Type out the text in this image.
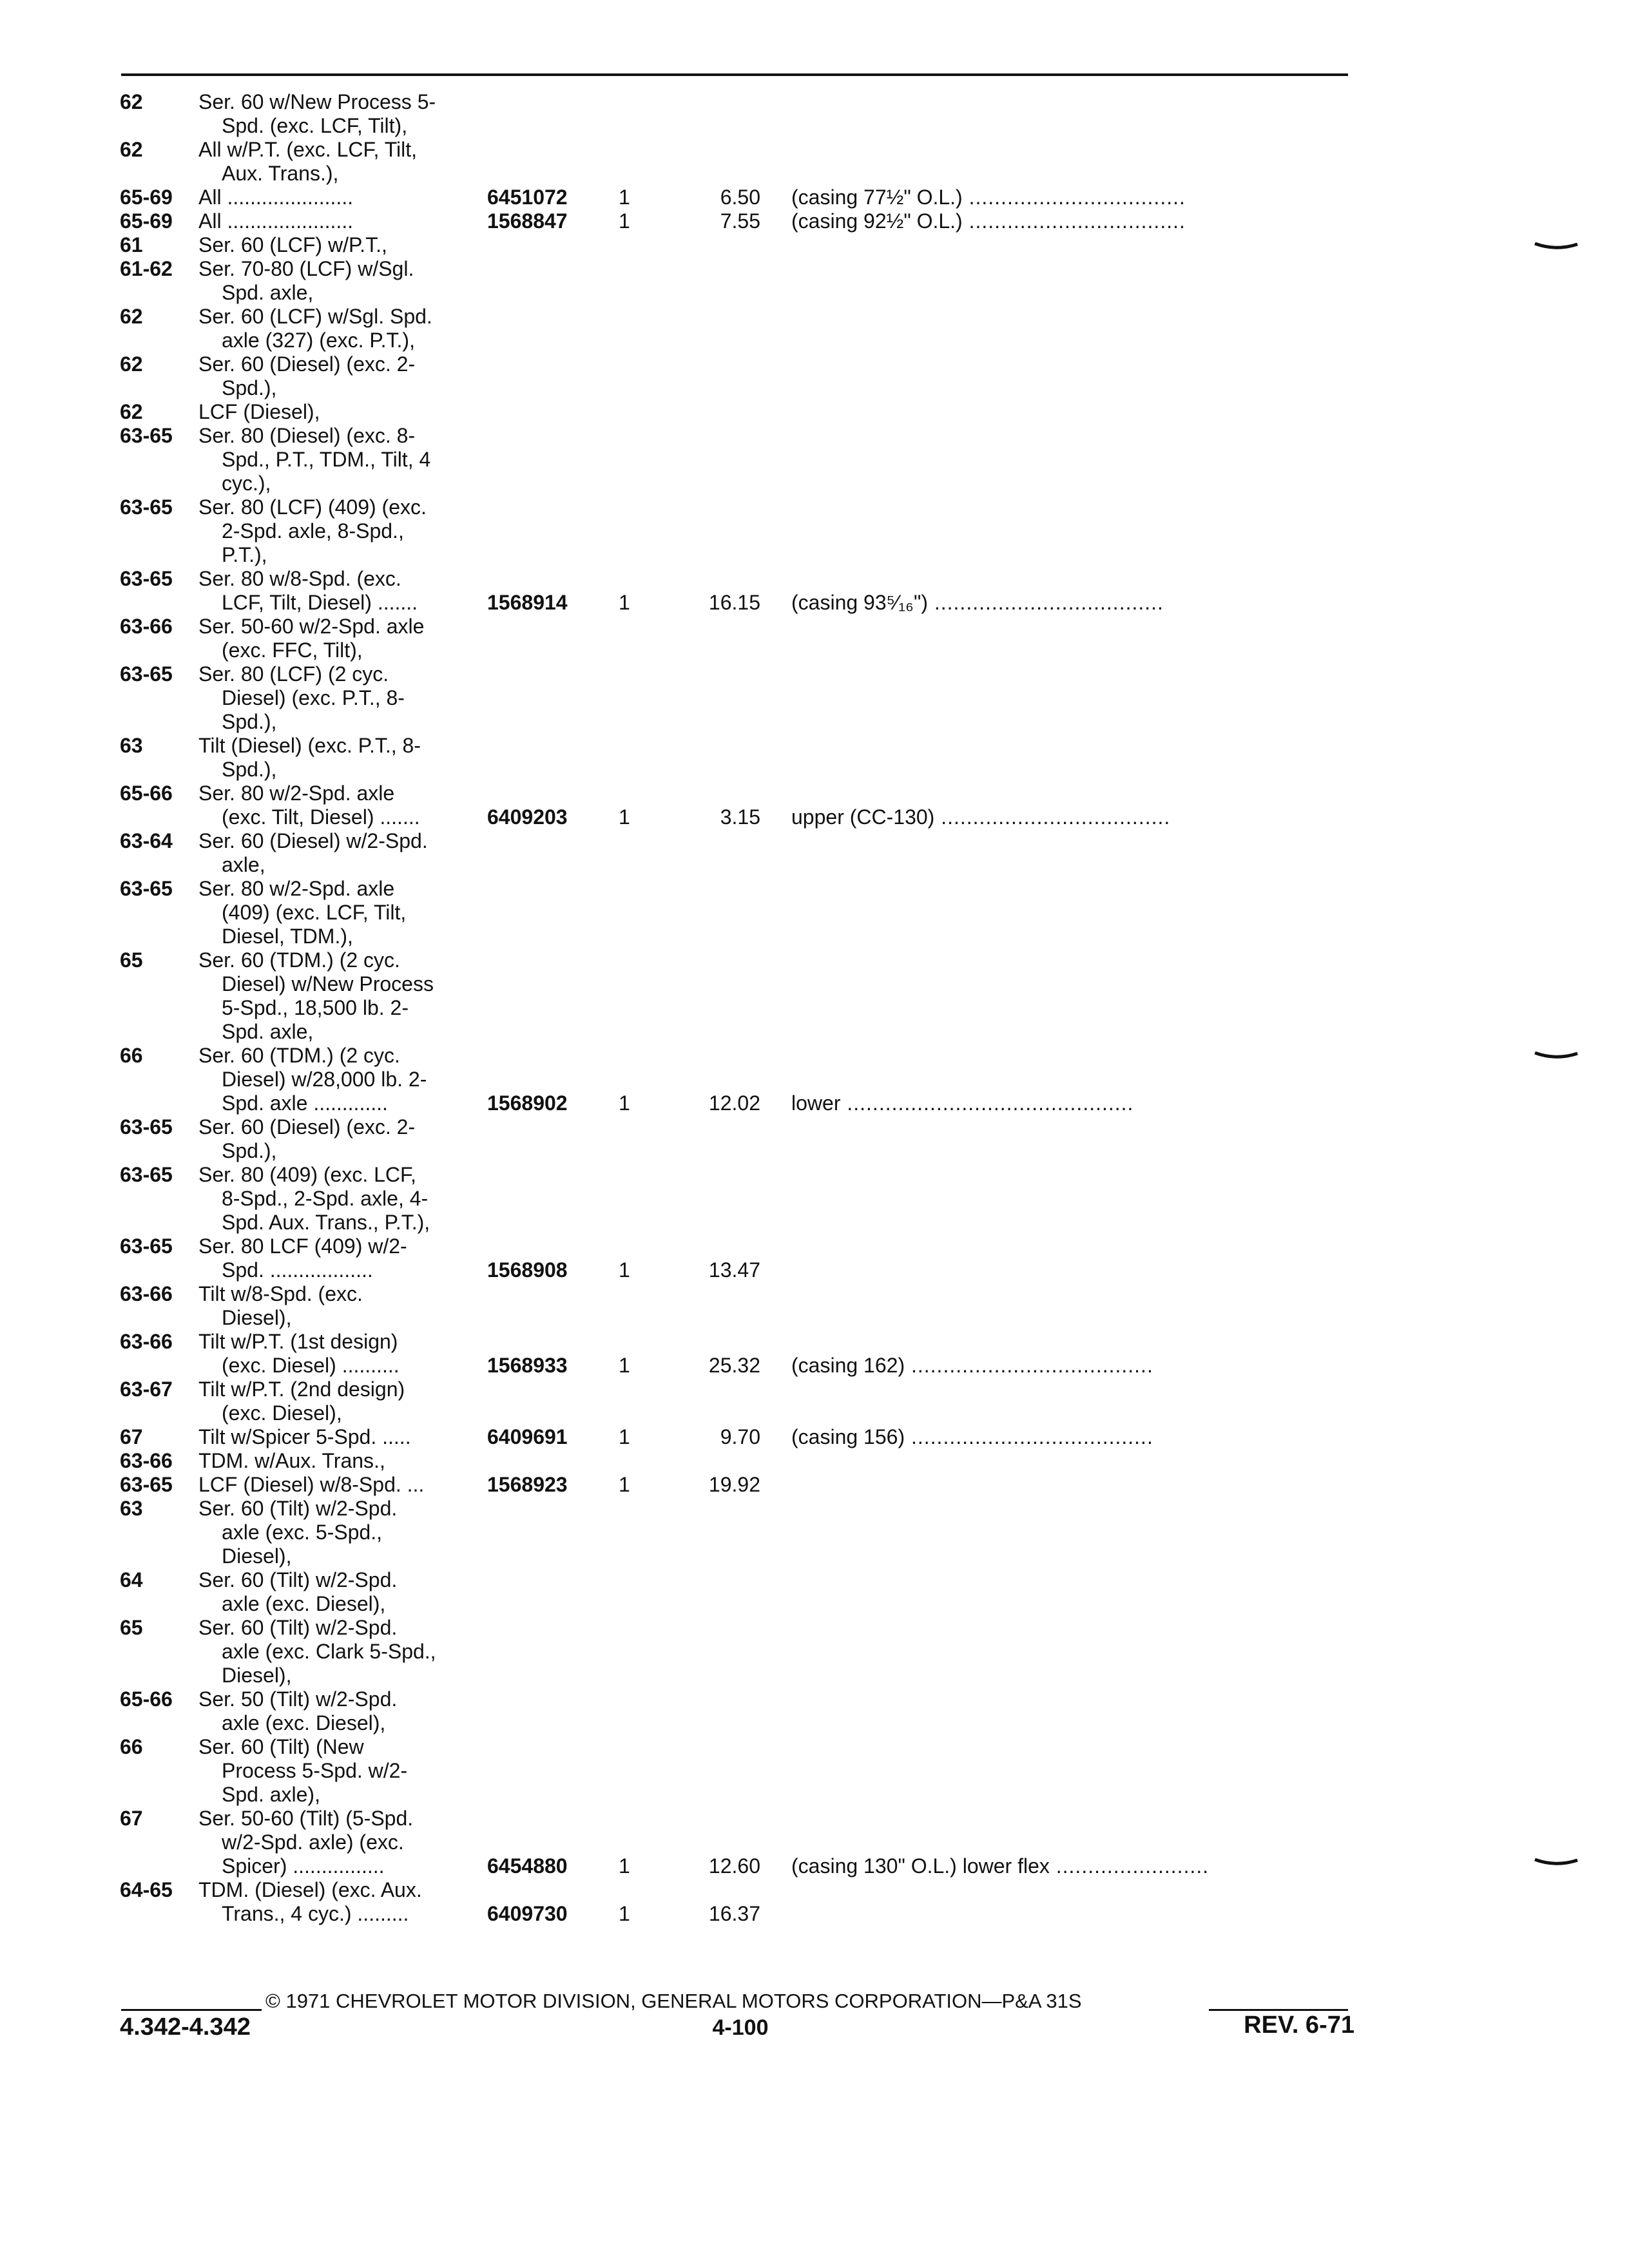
62	Ser. 60 w/New Process 5-
Spd. (exc. LCF, Tilt),
62	All w/P.T. (exc. LCF, Tilt,
Aux. Trans.),
65-69 All ......................	6451072 1	6.50 (casing 77½" O.L.) ..................................
65-69 All ......................	1568847 1	7.55 (casing 92½" O.L.) ..................................
61	Ser. 60 (LCF) w/P.T.,
61-62 Ser. 70-80 (LCF) w/Sgl.
Spd. axle,
62	Ser. 60 (LCF) w/Sgl. Spd.
axle (327) (exc. P.T.),
62	Ser. 60 (Diesel) (exc. 2-
Spd.),
62	LCF (Diesel),
63-65 Ser. 80 (Diesel) (exc. 8-
Spd., P.T., TDM., Tilt, 4
cyc.),
63-65 Ser. 80 (LCF) (409) (exc.
2-Spd. axle, 8-Spd.,
P.T.),
63-65 Ser. 80 w/8-Spd. (exc.
LCF, Tilt, Diesel) .......	1568914 1	16.15 (casing 93⁵⁄₁₆") ....................................
63-66 Ser. 50-60 w/2-Spd. axle
(exc. FFC, Tilt),
63-65 Ser. 80 (LCF) (2 cyc.
Diesel) (exc. P.T., 8-
Spd.),
63	Tilt (Diesel) (exc. P.T., 8-
Spd.),
65-66 Ser. 80 w/2-Spd. axle
(exc. Tilt, Diesel) .......	6409203 1	3.15 upper (CC-130) ....................................
63-64 Ser. 60 (Diesel) w/2-Spd.
axle,
63-65 Ser. 80 w/2-Spd. axle
(409) (exc. LCF, Tilt,
Diesel, TDM.),
65	Ser. 60 (TDM.) (2 cyc.
Diesel) w/New Process
5-Spd., 18,500 lb. 2-
Spd. axle,
66	Ser. 60 (TDM.) (2 cyc.
Diesel) w/28,000 lb. 2-
Spd. axle .............	1568902 1	12.02 lower .............................................
63-65 Ser. 60 (Diesel) (exc. 2-
Spd.),
63-65 Ser. 80 (409) (exc. LCF,
8-Spd., 2-Spd. axle, 4-
Spd. Aux. Trans., P.T.),
63-65 Ser. 80 LCF (409) w/2-
Spd. ..................	1568908 1	13.47
63-66 Tilt w/8-Spd. (exc.
Diesel),
63-66 Tilt w/P.T. (1st design)
(exc. Diesel) ..........	1568933 1	25.32 (casing 162) ......................................
63-67 Tilt w/P.T. (2nd design)
(exc. Diesel),
67	Tilt w/Spicer 5-Spd. .....	6409691 1	9.70 (casing 156) ......................................
63-66 TDM. w/Aux. Trans.,
63-65 LCF (Diesel) w/8-Spd. ...	1568923 1	19.92
63	Ser. 60 (Tilt) w/2-Spd.
axle (exc. 5-Spd.,
Diesel),
64	Ser. 60 (Tilt) w/2-Spd.
axle (exc. Diesel),
65	Ser. 60 (Tilt) w/2-Spd.
axle (exc. Clark 5-Spd.,
Diesel),
65-66 Ser. 50 (Tilt) w/2-Spd.
axle (exc. Diesel),
66	Ser. 60 (Tilt) (New
Process 5-Spd. w/2-
Spd. axle),
67	Ser. 50-60 (Tilt) (5-Spd.
w/2-Spd. axle) (exc.
Spicer) ................	6454880 1	12.60 (casing 130" O.L.) lower flex ........................
64-65 TDM. (Diesel) (exc. Aux.
Trans., 4 cyc.) .........	6409730 1	16.37
© 1971 CHEVROLET MOTOR DIVISION, GENERAL MOTORS CORPORATION—P&A 31S
4.342-4.342	4-100	REV. 6-71
